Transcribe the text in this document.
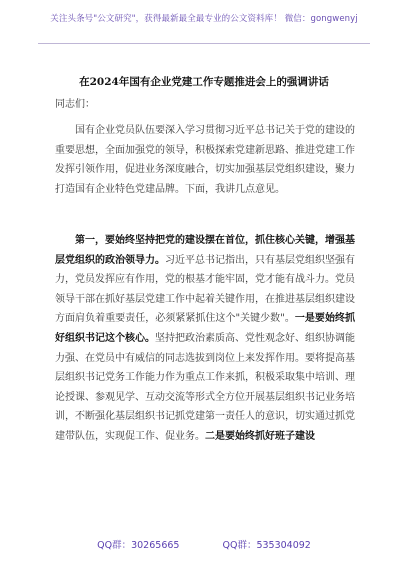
关注头条号"公文研究"，获得最新最全最专业的公文资料库！ 微信：gongwenyj
在2024年国有企业党建工作专题推进会上的强调讲话
同志们：

国有企业党员队伍要深入学习贯彻习近平总书记关于党的建设的重要思想，全面加强党的领导，积极探索党建新思路、推进党建工作发挥引领作用，促进业务深度融合，切实加强基层党组织建设，聚力打造国有企业特色党建品牌。下面，我讲几点意见。

第一，要始终坚持把党的建设摆在首位，抓住核心关键，增强基层党组织的政治领导力。习近平总书记指出，只有基层党组织坚强有力，党员发挥应有作用，党的根基才能牢固，党才能有战斗力。党员领导干部在抓好基层党建工作中起着关键作用，在推进基层组织建设方面肩负着重要责任，必须紧紧抓住这个"关键少数"。一是要始终抓好组织书记这个核心。坚持把政治素质高、党性观念好、组织协调能力强、在党员中有威信的同志选拔到岗位上来发挥作用。要将提高基层组织书记党务工作能力作为重点工作来抓，积极采取集中培训、理论授课、参观见学、互动交流等形式全方位开展基层组织书记业务培训，不断强化基层组织书记抓党建第一责任人的意识，切实通过抓党建带队伍，实现促工作、促业务。二是要始终抓好班子建设

QQ群：30265665	QQ群：535304092
